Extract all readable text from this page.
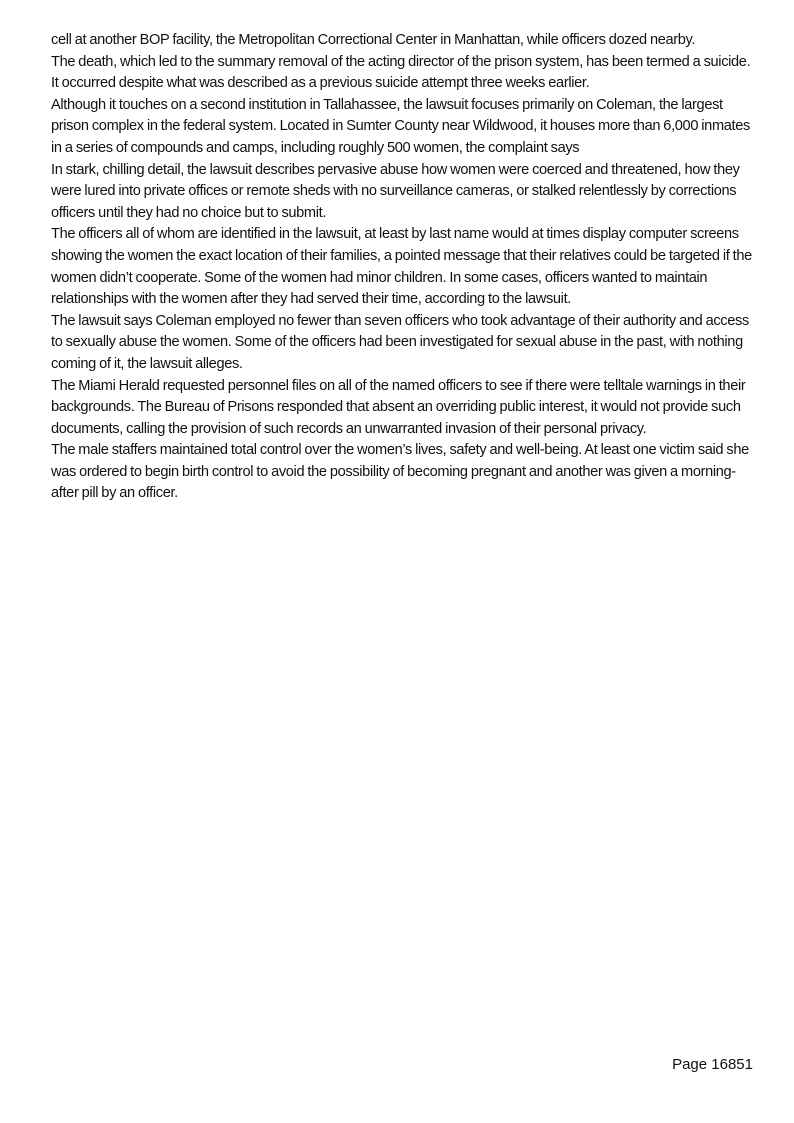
cell at another BOP facility, the Metropolitan Correctional Center in Manhattan, while officers dozed nearby.

The death, which led to the summary removal of the acting director of the prison system, has been termed a suicide. It occurred despite what was described as a previous suicide attempt three weeks earlier.

Although it touches on a second institution in Tallahassee, the lawsuit focuses primarily on Coleman, the largest prison complex in the federal system. Located in Sumter County near Wildwood, it houses more than 6,000 inmates in a series of compounds and camps, including roughly 500 women, the complaint says

In stark, chilling detail, the lawsuit describes pervasive abuse how women were coerced and threatened, how they were lured into private offices or remote sheds with no surveillance cameras, or stalked relentlessly by corrections officers until they had no choice but to submit.

The officers all of whom are identified in the lawsuit, at least by last name would at times display computer screens showing the women the exact location of their families, a pointed message that their relatives could be targeted if the women didn’t cooperate. Some of the women had minor children. In some cases, officers wanted to maintain relationships with the women after they had served their time, according to the lawsuit.

The lawsuit says Coleman employed no fewer than seven officers who took advantage of their authority and access to sexually abuse the women. Some of the officers had been investigated for sexual abuse in the past, with nothing coming of it, the lawsuit alleges.

The Miami Herald requested personnel files on all of the named officers to see if there were telltale warnings in their backgrounds. The Bureau of Prisons responded that absent an overriding public interest, it would not provide such documents, calling the provision of such records an unwarranted invasion of their personal privacy.

The male staffers maintained total control over the women’s lives, safety and well-being. At least one victim said she was ordered to begin birth control to avoid the possibility of becoming pregnant and another was given a morning-after pill by an officer.

Page 16851
